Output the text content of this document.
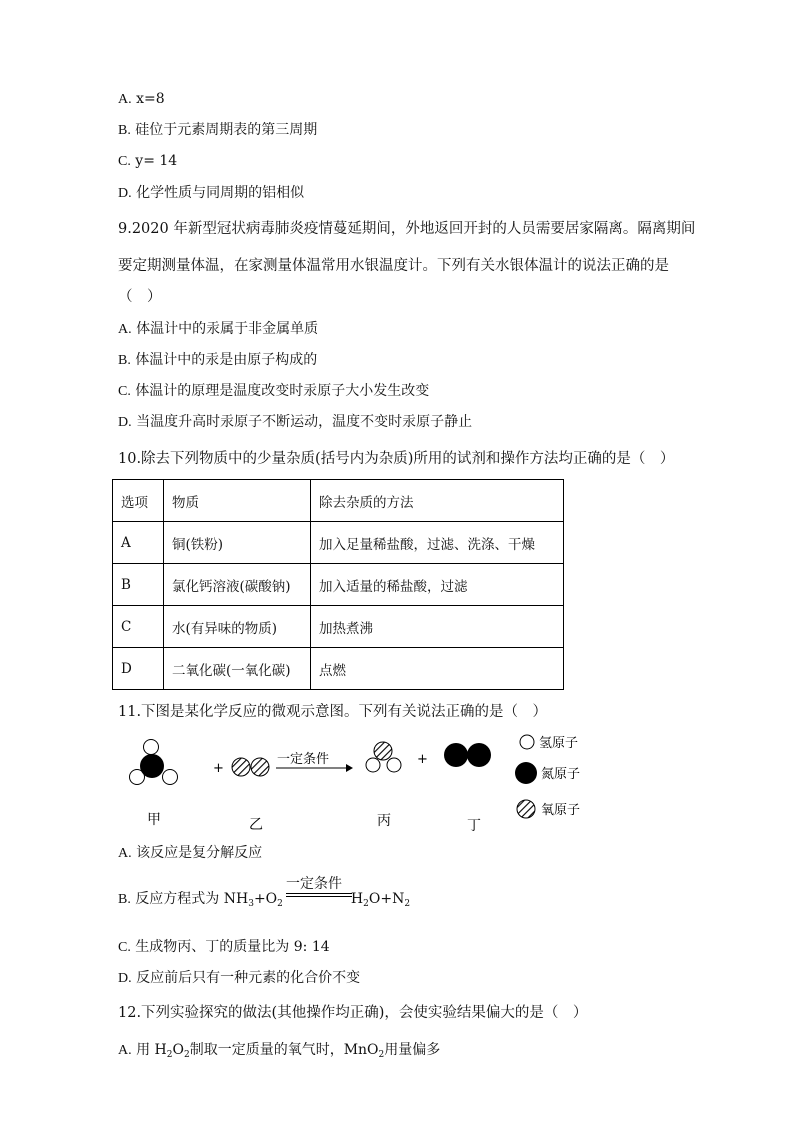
A. x=8
B. 硅位于元素周期表的第三周期
C. y= 14
D. 化学性质与同周期的铝相似
9.2020 年新型冠状病毒肺炎疫情蔓延期间，外地返回开封的人员需要居家隔离。隔离期间
要定期测量体温，在家测量体温常用水银温度计。下列有关水银体温计的说法正确的是
（　）
A. 体温计中的汞属于非金属单质
B. 体温计中的汞是由原子构成的
C. 体温计的原理是温度改变时汞原子大小发生改变
D. 当温度升高时汞原子不断运动，温度不变时汞原子静止
10.除去下列物质中的少量杂质(括号内为杂质)所用的试剂和操作方法均正确的是（　）
选项	物质	除去杂质的方法
A	铜(铁粉)	加入足量稀盐酸，过滤、洗涤、干燥
B	氯化钙溶液(碳酸钠)	加入适量的稀盐酸，过滤
C	水(有异味的物质)	加热煮沸
D	二氧化碳(一氧化碳)	点燃
11.下图是某化学反应的微观示意图。下列有关说法正确的是（　）
+
一定条件	+
氢原子
氮原子
氧原子
甲	乙	丙	丁
A. 该反应是复分解反应
一定条件
B. 反应方程式为 $NH_3+O_2$	$H_2O+N_2$
C. 生成物丙、丁的质量比为 9: 14
D. 反应前后只有一种元素的化合价不变
12.下列实验探究的做法(其他操作均正确)，会使实验结果偏大的是（　）
A. 用 $H_2O_2$制取一定质量的氧气时，MnO$_2$用量偏多
